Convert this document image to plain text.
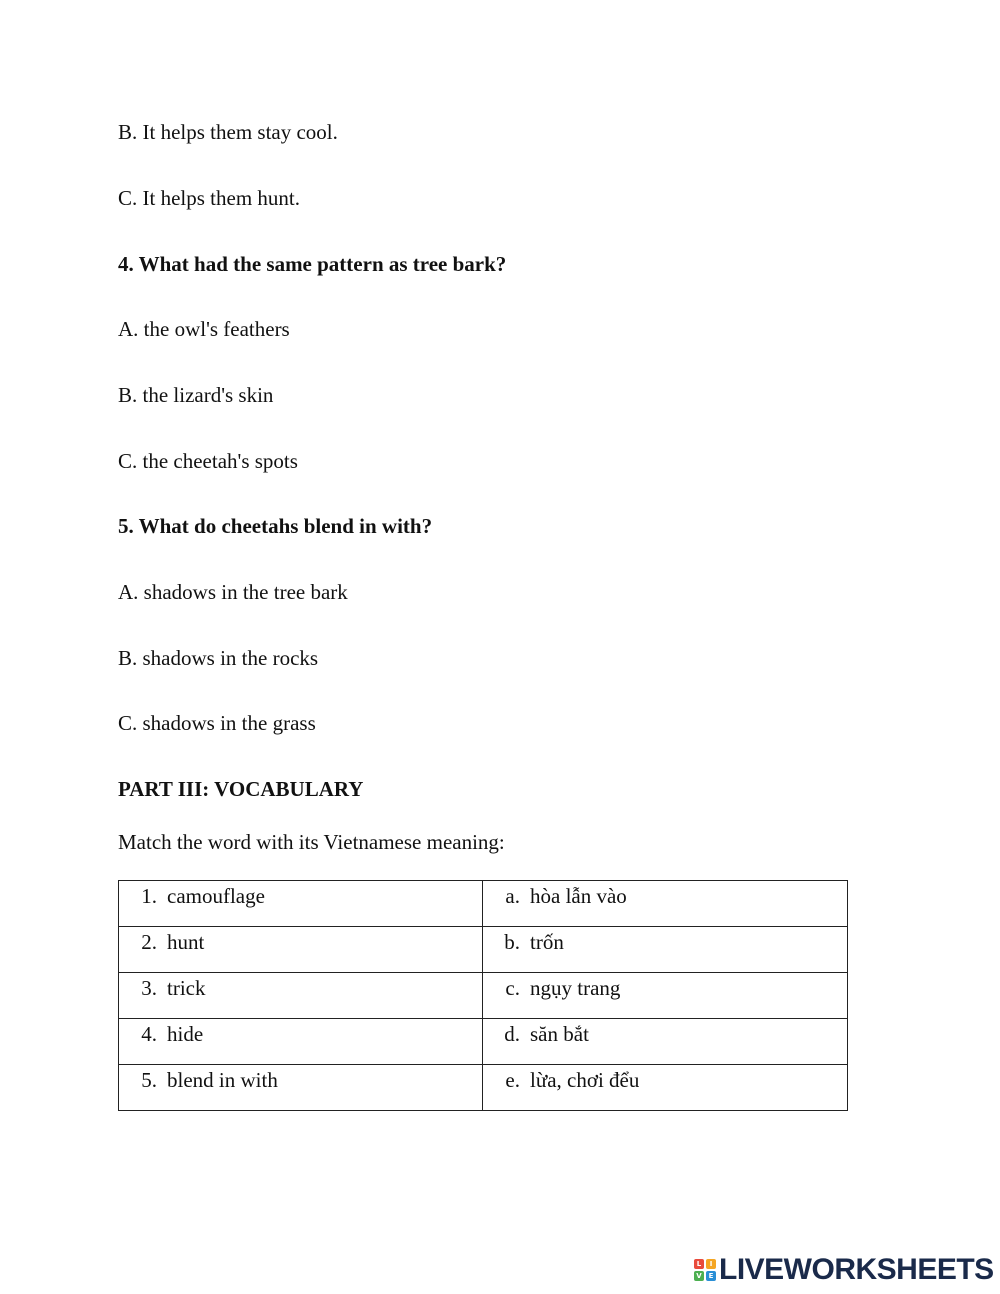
B. It helps them stay cool.
C. It helps them hunt.
4. What had the same pattern as tree bark?
A. the owl's feathers
B. the lizard's skin
C. the cheetah's spots
5. What do cheetahs blend in with?
A. shadows in the tree bark
B. shadows in the rocks
C. shadows in the grass
PART III: VOCABULARY
Match the word with its Vietnamese meaning:
1. camouflage	a. hòa lẫn vào

2. hunt	b. trốn

3. trick	c. ngụy trang

4. hide	d. săn bắt

5. blend in with	e. lừa, chơi đểu
L	I
V E LIVEWORKSHEETS
